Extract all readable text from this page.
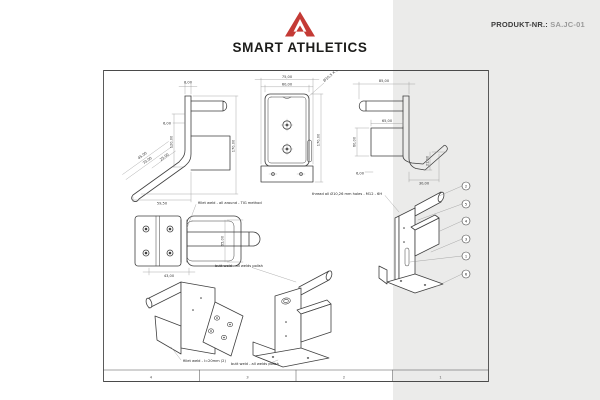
SMART ATHLETICS
PRODUKT-NR.: SA.JC-01
4	3	2	1
8,00
6,00
120,00	170,00
25,00
70,00
45,00
59,50
75,00
60,00
170,00
Ø10,5 X 90°	85,00
65,00
60,00
21,00
6,00
30,00
43,00
65,00
fillet weld - all around - TIG method
2
5
4
3
1
6
thread all Ø10,26 mm holes - M12 - 6H
fillet weld - l=20mm (2)
butt weld - all welds polish
butt weld - all welds polish
